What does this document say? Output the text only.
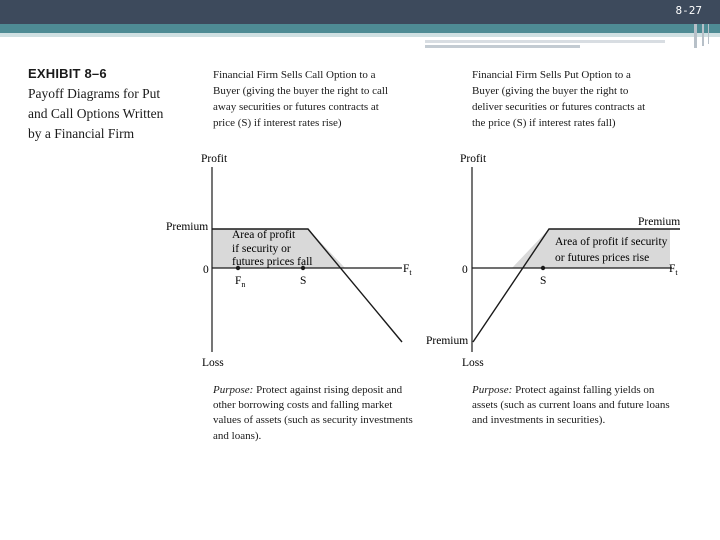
8-27
EXHIBIT 8–6
Payoff Diagrams for Put and Call Options Written by a Financial Firm
Financial Firm Sells Call Option to a Buyer (giving the buyer the right to call away securities or futures contracts at price (S) if interest rates rise)
Financial Firm Sells Put Option to a Buyer (giving the buyer the right to deliver securities or futures contracts at the price (S) if interest rates fall)
Profit
Loss
0
Premium
Area of profit
if security or
futures prices fall
$F_n$	S
$F_t$
Profit
Loss
0
Premium
Premium
Area of profit if security
or futures prices rise
S
$F_t$
Purpose: Protect against rising deposit and other borrowing costs and falling market values of assets (such as security investments and loans).
Purpose: Protect against falling yields on assets (such as current loans and future loans and investments in securities).
